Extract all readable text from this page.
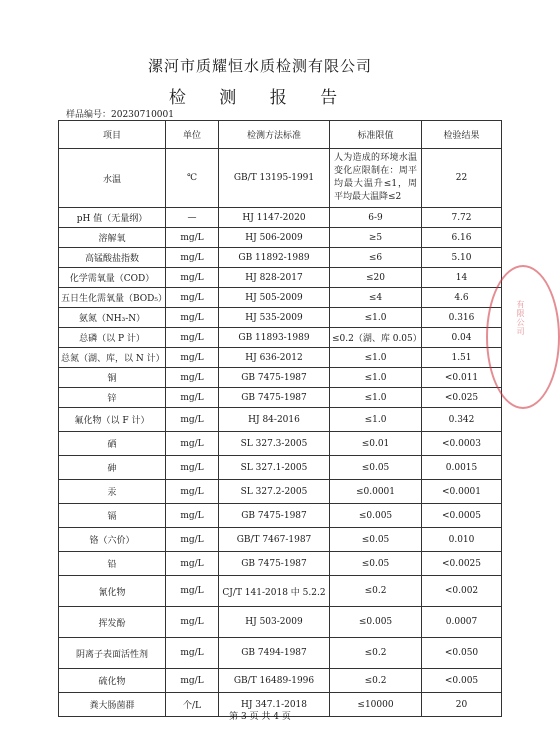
漯河市质耀恒水质检测有限公司
检 测 报 告
样品编号：20230710001
项目	单位	检测方法标准	标准限值	检验结果
水温	℃	GB/T 13195-1991	人为造成的环境水温变化应限制在：周平均最大温升≤1，周平均最大温降≤2	22
pH 值（无量纲）	—	HJ 1147-2020	6-9	7.72
溶解氧	mg/L	HJ 506-2009	≥5	6.16
高锰酸盐指数	mg/L	GB 11892-1989	≤6	5.10
化学需氧量（COD）	mg/L	HJ 828-2017	≤20	14
五日生化需氧量（BOD₅）	mg/L	HJ 505-2009	≤4	4.6
氨氮（NH₃-N）	mg/L	HJ 535-2009	≤1.0	0.316
总磷（以 P 计）	mg/L	GB 11893-1989	≤0.2（湖、库 0.05）	0.04
总氮（湖、库，以 N 计）	mg/L	HJ 636-2012	≤1.0	1.51
铜	mg/L	GB 7475-1987	≤1.0	<0.011
锌	mg/L	GB 7475-1987	≤1.0	<0.025
氟化物（以 F 计）	mg/L	HJ 84-2016	≤1.0	0.342
硒	mg/L	SL 327.3-2005	≤0.01	<0.0003
砷	mg/L	SL 327.1-2005	≤0.05	0.0015
汞	mg/L	SL 327.2-2005	≤0.0001	<0.0001
镉	mg/L	GB 7475-1987	≤0.005	<0.0005
铬（六价）	mg/L	GB/T 7467-1987	≤0.05	0.010
铅	mg/L	GB 7475-1987	≤0.05	<0.0025
氰化物	mg/L	CJ/T 141-2018 中 5.2.2	≤0.2	<0.002
挥发酚	mg/L	HJ 503-2009	≤0.005	0.0007
阴离子表面活性剂	mg/L	GB 7494-1987	≤0.2	<0.050
硫化物	mg/L	GB/T 16489-1996	≤0.2	<0.005
粪大肠菌群	个/L	HJ 347.1-2018	≤10000	20
有限公司
第 3 页 共 4 页
